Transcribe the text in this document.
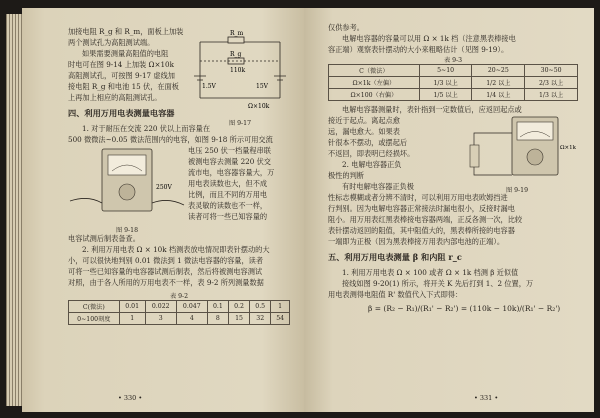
加接电阻 R_g 和 R_m，面板上加装

两个测试孔为高阻测试端。

如果需要测量高阻值的电阻

时电可在图 9-14 上加装 Ω×10k

高阻测试孔，可按图 9-17 虚线加

接电阻 R_g 和电池 15 伏，在面板

上再加上相应的高阻测试孔。

R_m
R_g
110k
1.5V	15V
Ω×10k
图 9-17
四、利用万用电表测量电容器

1. 对于耐压在交流 220 伏以上而容量在

500 微微法~0.05 微法范围内的电容，如图 9-18 所示可用交流

250V
图 9-18

电压 250 伏一档量程串联

被测电容去测量 220 伏交

流市电，电容器容量大，万

用电表读数也大，但不成

比例，而且不同的万用电

表灵敏的读数也不一样，

读者可将一些已知容量的

电容试测后制表备查。

2. 利用万用电表 Ω × 10k 档测表放电情况即表针摆动的大

小，可以很快地判别 0.01 微法到 1 微法电容器的容量，读者

可将一些已知容量的电容器试测后制表，然后将被测电容测试

对照，由于各人所用的万用电表不一样，表 9-2 所列测量数据

表 9-2
C(微法)	0.01	0.022	0.047	0.1	0.2	0.5	1
0~100刻度	1	3	4	8	15	32	54
• 330 •

仅供参考。

电解电容器的容量可以用 Ω × 1k 档（注意黑表棒接电

容正端）观察表针摆动的大小来粗略估计（见图 9-19）。

表 9-3
C（微法）	5~10	20~25	30~50
Ω×1k（左偏）	1/3 以上	1/2 以上	2/3 以上
Ω×100（右偏）	1/5 以上	1/4 以上	1/3 以上

电解电容器测量时，表针指到一定数值后，应返回起点或

接近于起点。离起点愈

远，漏电愈大。如果表

针很本不摆动，或摆起后

不返回，即表明已经损坏。

2. 电解电容器正负

极性的判断

有时电解电容器正负极

Ω×1k
图 9-19

性标志模糊或者分辨不清时，可以利用万用电表欧姆挡进

行判别。因为电解电容器正常接法时漏电很小，反接时漏电

阻小。用万用表红黑表棒接电容器两端，正反各测一次，比较

表针摆动返回的阻值，其中阻值大的，黑表棒所接的电容器

一端即为正极（因为黑表棒接万用表内部电池的正端）。

五、利用万用电表测量 β 和内阻 r_c

1. 利用万用电表 Ω × 100 或者 Ω × 1k 档测 β 近似值

接线如图 9-20(1) 所示，将开关 K 先后打到 1、2 位置，万

用电表测得电阻值 R' 数值代入下式即得：

β = (R₂ − R₁)/(R₁' − R₂') = (110k − 10k)/(R₁' − R₂')
• 331 •
